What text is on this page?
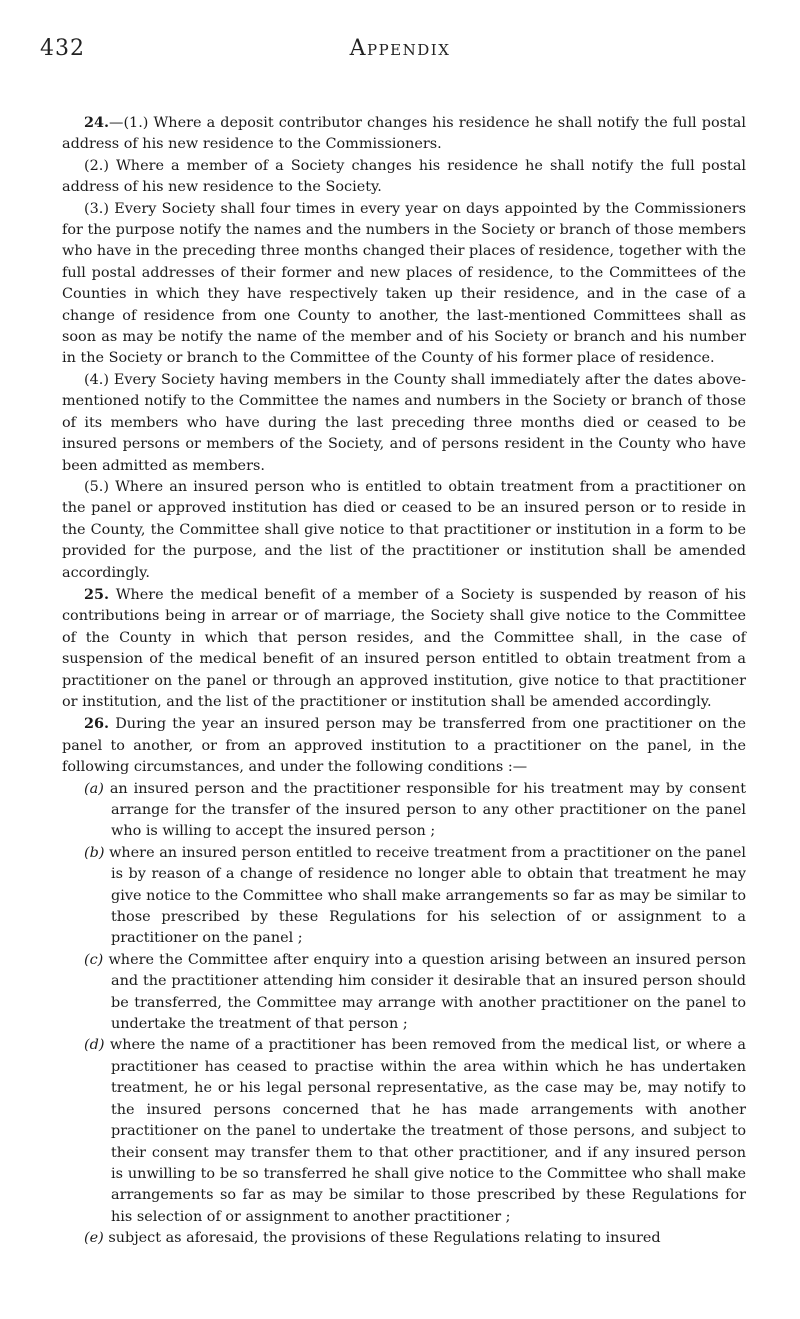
432	Appendix

24.—(1.) Where a deposit contributor changes his residence he shall notify the full postal address of his new residence to the Commissioners.

(2.) Where a member of a Society changes his residence he shall notify the full postal address of his new residence to the Society.

(3.) Every Society shall four times in every year on days appointed by the Commissioners for the purpose notify the names and the numbers in the Society or branch of those members who have in the preceding three months changed their places of residence, together with the full postal addresses of their former and new places of residence, to the Committees of the Counties in which they have respectively taken up their residence, and in the case of a change of residence from one County to another, the last-mentioned Committees shall as soon as may be notify the name of the member and of his Society or branch and his number in the Society or branch to the Committee of the County of his former place of residence.

(4.) Every Society having members in the County shall immediately after the dates above-mentioned notify to the Committee the names and numbers in the Society or branch of those of its members who have during the last preceding three months died or ceased to be insured persons or members of the Society, and of persons resident in the County who have been admitted as members.

(5.) Where an insured person who is entitled to obtain treatment from a practitioner on the panel or approved institution has died or ceased to be an insured person or to reside in the County, the Committee shall give notice to that practitioner or institution in a form to be provided for the purpose, and the list of the practitioner or institution shall be amended accordingly.

25. Where the medical benefit of a member of a Society is suspended by reason of his contributions being in arrear or of marriage, the Society shall give notice to the Committee of the County in which that person resides, and the Committee shall, in the case of suspension of the medical benefit of an insured person entitled to obtain treatment from a practitioner on the panel or through an approved institution, give notice to that practitioner or institution, and the list of the practitioner or institution shall be amended accordingly.

26. During the year an insured person may be transferred from one practitioner on the panel to another, or from an approved institution to a practitioner on the panel, in the following circumstances, and under the following conditions :—

(a) an insured person and the practitioner responsible for his treatment may by consent arrange for the transfer of the insured person to any other practitioner on the panel who is willing to accept the insured person ;

(b) where an insured person entitled to receive treatment from a practitioner on the panel is by reason of a change of residence no longer able to obtain that treatment he may give notice to the Committee who shall make arrangements so far as may be similar to those prescribed by these Regulations for his selection of or assignment to a practitioner on the panel ;

(c) where the Committee after enquiry into a question arising between an insured person and the practitioner attending him consider it desirable that an insured person should be transferred, the Committee may arrange with another practitioner on the panel to undertake the treatment of that person ;

(d) where the name of a practitioner has been removed from the medical list, or where a practitioner has ceased to practise within the area within which he has undertaken treatment, he or his legal personal representative, as the case may be, may notify to the insured persons concerned that he has made arrangements with another practitioner on the panel to undertake the treatment of those persons, and subject to their consent may transfer them to that other practitioner, and if any insured person is unwilling to be so transferred he shall give notice to the Committee who shall make arrangements so far as may be similar to those prescribed by these Regulations for his selection of or assignment to another practitioner ;

(e) subject as aforesaid, the provisions of these Regulations relating to insured
